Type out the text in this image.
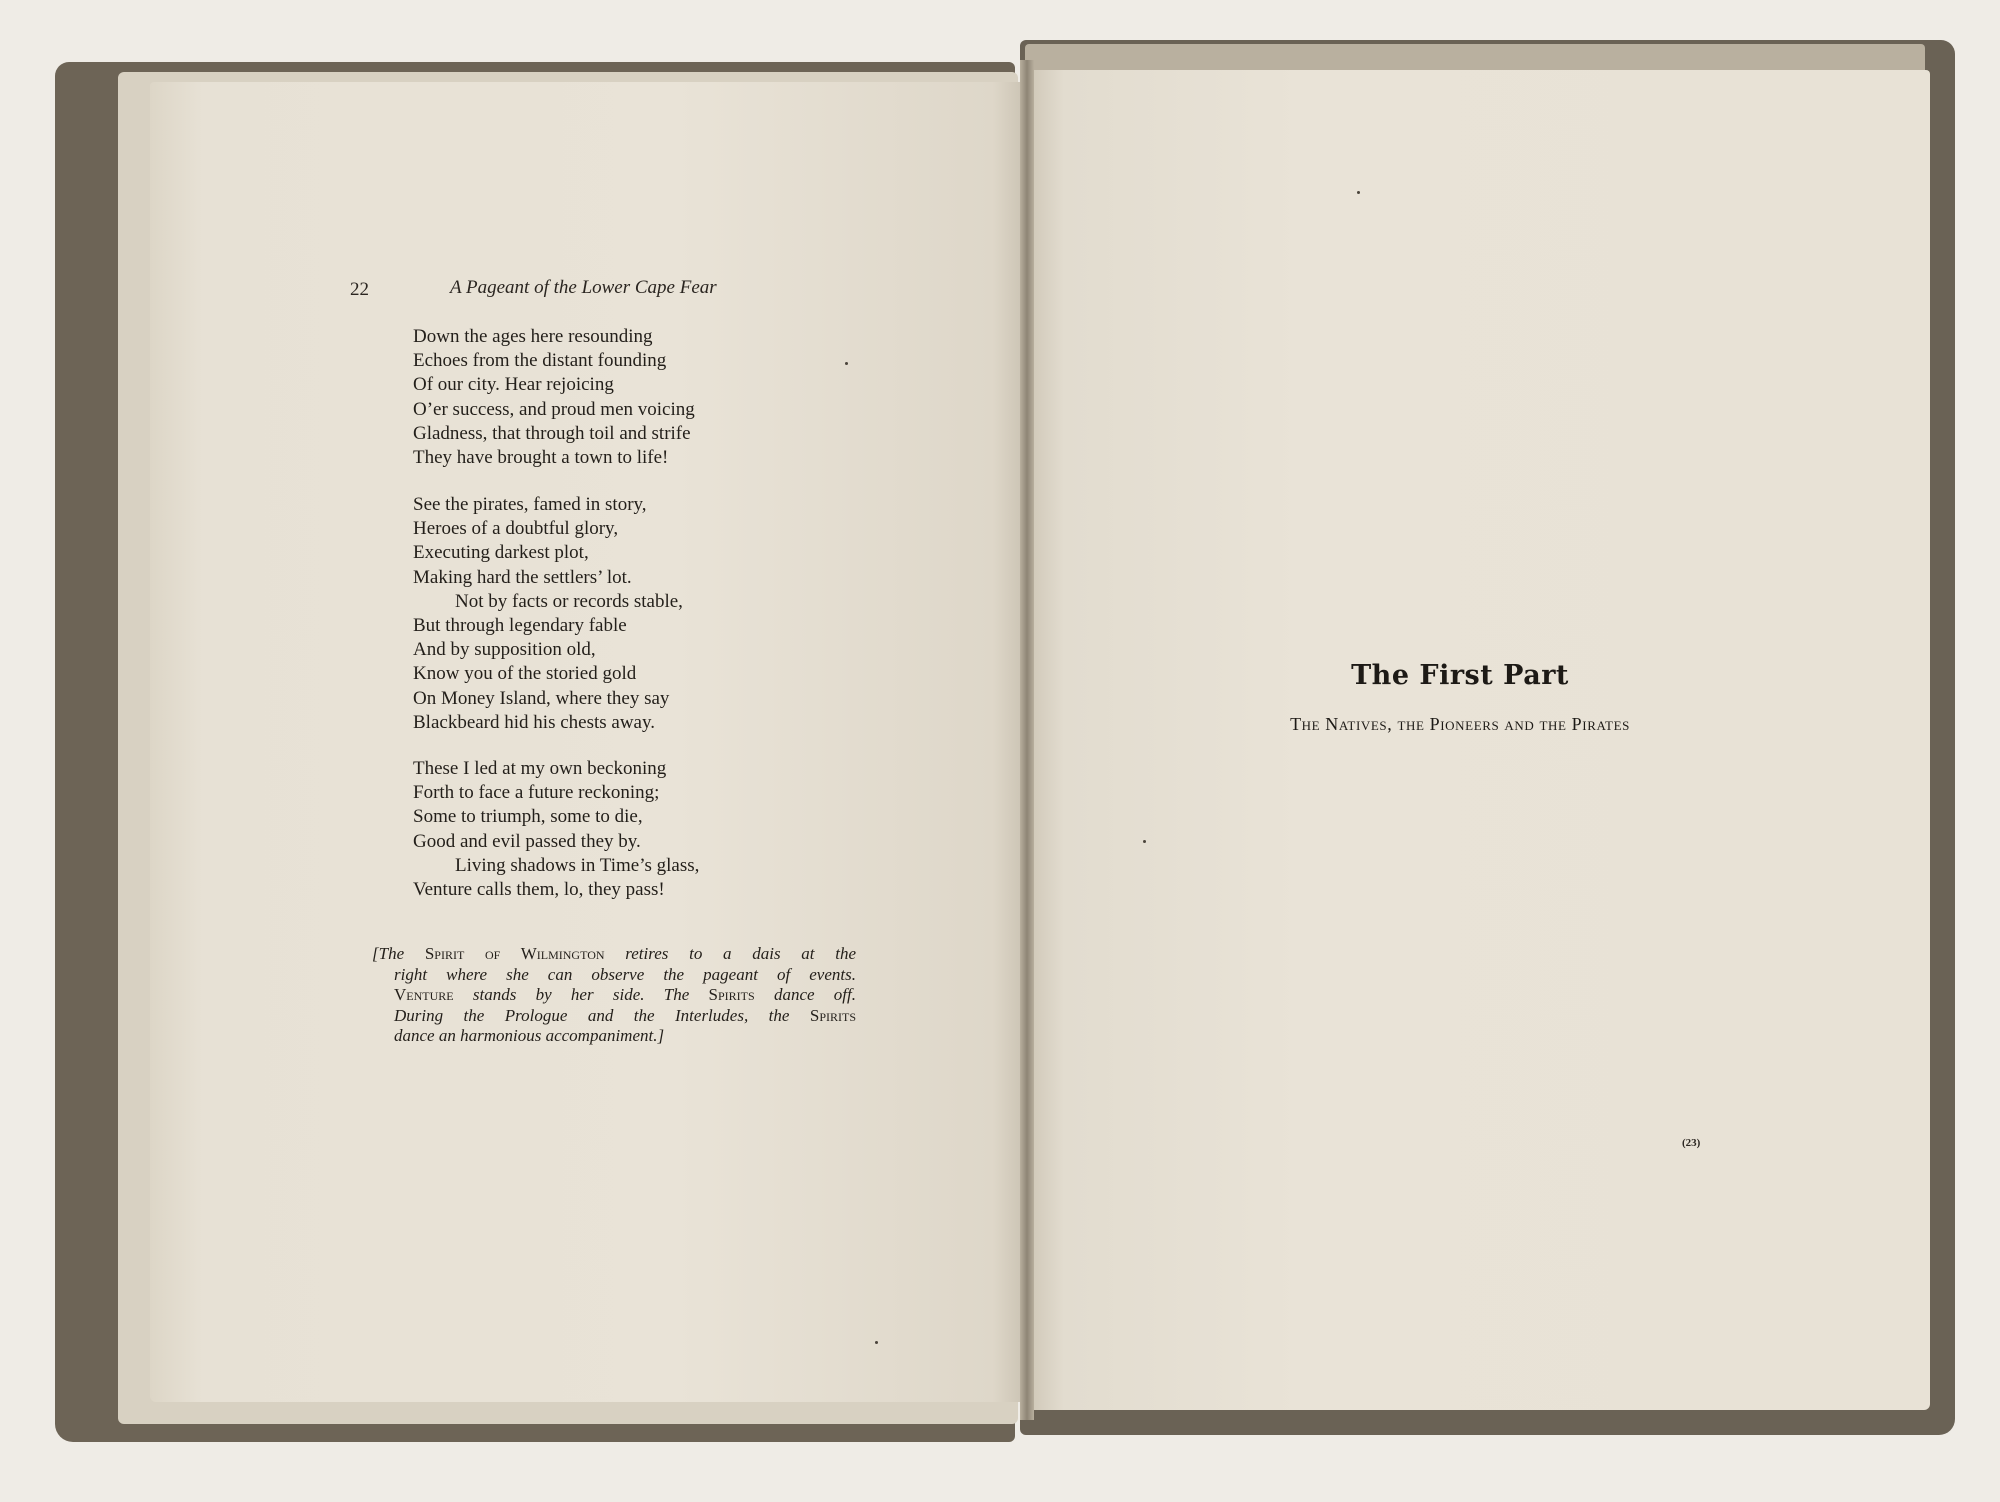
22	A Pageant of the Lower Cape Fear
Down the ages here resounding
Echoes from the distant founding
Of our city. Hear rejoicing
O’er success, and proud men voicing
Gladness, that through toil and strife
They have brought a town to life!
See the pirates, famed in story,
Heroes of a doubtful glory,
Executing darkest plot,
Making hard the settlers’ lot.
Not by facts or records stable,
But through legendary fable
And by supposition old,
Know you of the storied gold
On Money Island, where they say
Blackbeard hid his chests away.
These I led at my own beckoning
Forth to face a future reckoning;
Some to triumph, some to die,
Good and evil passed they by.
Living shadows in Time’s glass,
Venture calls them, lo, they pass!
[The Spirit of Wilmington retires to a dais at the
right where she can observe the pageant of events.
Venture stands by her side. The Spirits dance off.
During the Prologue and the Interludes, the Spirits
dance an harmonious accompaniment.]
The First Part
The Natives, the Pioneers and the Pirates
(23)
